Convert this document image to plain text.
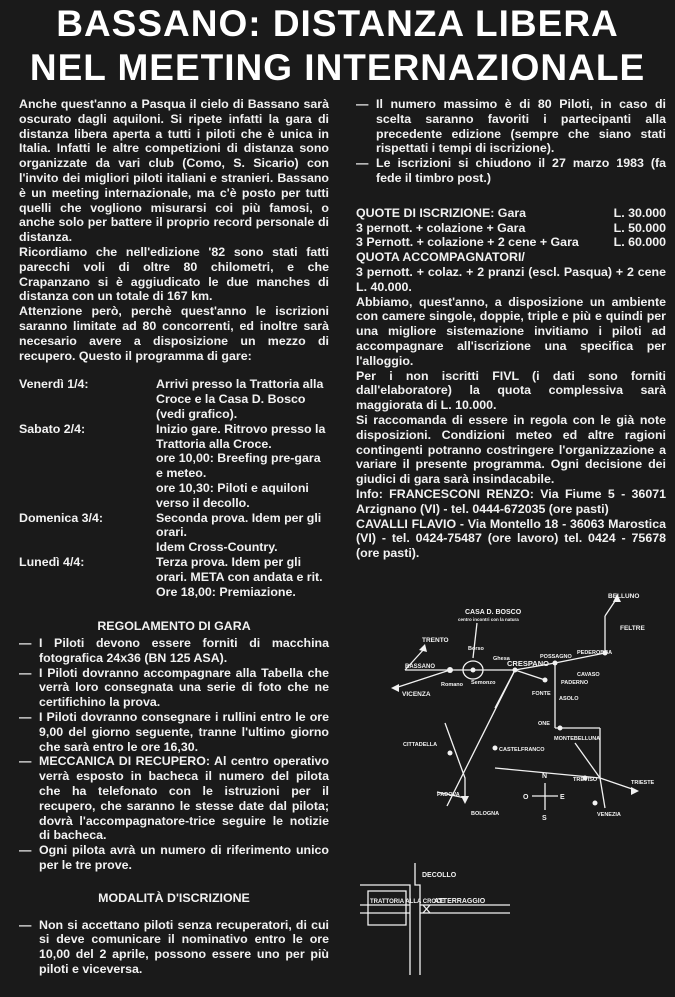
BASSANO: DISTANZA LIBERA
NEL MEETING INTERNAZIONALE

Anche quest'anno a Pasqua il cielo di Bassano sarà oscurato dagli aquiloni. Si ripete infatti la gara di distanza libera aperta a tutti i piloti che è unica in Italia. Infatti le altre competizioni di distanza sono organizzate da vari club (Como, S. Sicario) con l'invito dei migliori piloti italiani e stranieri. Bassano è un meeting internazionale, ma c'è posto per tutti quelli che vogliono misurarsi coi più famosi, o anche solo per battere il proprio record personale di distanza.

Ricordiamo che nell'edizione '82 sono stati fatti parecchi voli di oltre 80 chilometri, e che Crapanzano si è aggiudicato le due manches di distanza con un totale di 167 km.

Attenzione però, perchè quest'anno le iscrizioni saranno limitate ad 80 concorrenti, ed inoltre sarà necesario avere a disposizione un mezzo di recupero. Questo il programma di gare:

Venerdì 1/4:	Arrivi presso la Trattoria alla Croce e la Casa D. Bosco (vedi grafico).
Sabato 2/4:	Inizio gare. Ritrovo presso la Trattoria alla Croce.
ore 10,00: Breefing pre-gara e meteo.
ore 10,30: Piloti e aquiloni verso il decollo.
Domenica 3/4:	Seconda prova. Idem per gli orari.
Idem Cross-Country.
Lunedì 4/4:	Terza prova. Idem per gli orari. META con andata e rit.
Ore 18,00: Premiazione.
REGOLAMENTO DI GARA
— I Piloti devono essere forniti di macchina fotografica 24x36 (BN 125 ASA).
— I Piloti dovranno accompagnare alla Tabella che verrà loro consegnata una serie di foto che ne certifichino la prova.
— I Piloti dovranno consegnare i rullini entro le ore 9,00 del giorno seguente, tranne l'ultimo giorno che sarà entro le ore 16,30.
— MECCANICA DI RECUPERO: Al centro operativo verrà esposto in bacheca il numero del pilota che ha telefonato con le istruzioni per il recupero, che saranno le stesse date dal pilota; dovrà l'accompagnatore-trice seguire le notizie di bacheca.
— Ogni pilota avrà un numero di riferimento unico per le tre prove.
MODALITÀ D'ISCRIZIONE
— Non si accettano piloti senza recuperatori, di cui si deve comunicare il nominativo entro le ore 10,00 del 2 aprile, possono essere uno per più piloti e viceversa.
— Il numero massimo è di 80 Piloti, in caso di scelta saranno favoriti i partecipanti alla precedente edizione (sempre che siano stati rispettati i tempi di iscrizione).
— Le iscrizioni si chiudono il 27 marzo 1983 (fa fede il timbro post.)
QUOTE DI ISCRIZIONE: Gara	L. 30.000
3 pernott. + colazione + Gara	L. 50.000
3 Pernott. + colazione + 2 cene + Gara	L. 60.000
QUOTA ACCOMPAGNATORI/

3 pernott. + colaz. + 2 pranzi (escl. Pasqua) + 2 cene L. 40.000.

Abbiamo, quest'anno, a disposizione un ambiente con camere singole, doppie, triple e più e quindi per una migliore sistemazione invitiamo i piloti ad accompagnare all'iscrizione una specifica per l'alloggio.

Per i non iscritti FIVL (i dati sono forniti dall'elaboratore) la quota complessiva sarà maggiorata di L. 10.000.

Si raccomanda di essere in regola con le già note disposizioni. Condizioni meteo ed altre ragioni contingenti potranno costringere l'organizzazione a variare il presente programma. Ogni decisione dei giudici di gara sarà insindacabile.

Info: FRANCESCONI RENZO: Via Fiume 5 - 36071 Arzignano (VI) - tel. 0444-672035 (ore pasti)

CAVALLI FLAVIO - Via Montello 18 - 36063 Marostica (VI) - tel. 0424-75487 (ore lavoro) tel. 0424 - 75678 (ore pasti).

BELLUNO
FELTRE
CASA D. BOSCO
centro incontri con la natura
TRENTO
Borso
Ghesa
Semonzo
CRESPANO
POSSAGNO
PEDEROBBA
CAVASO
PADERNO
ASOLO
FONTE
ONE
MONTEBELLUNA
BASSANO
Romano
VICENZA
CITTADELLA
CASTELFRANCO
TREVISO	TRIESTE
VENEZIA
PADOVA
BOLOGNA
N
S
E
O
DECOLLO
TRATTORIA ALLA CROCE
ATTERRAGGIO
